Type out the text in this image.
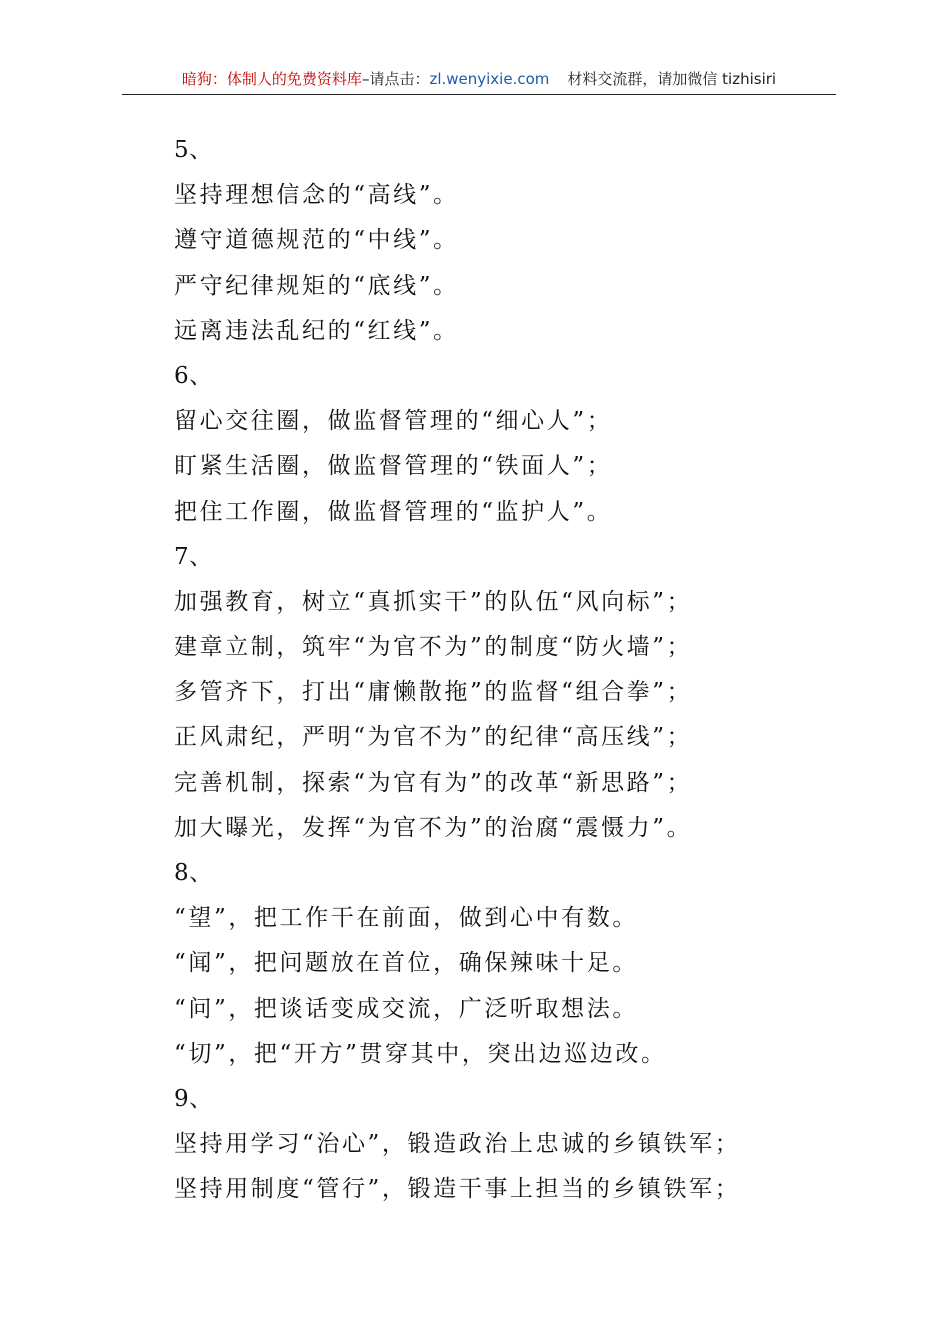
暗狗：体制人的免费资料库–请点击：zl.wenyixie.com 材料交流群，请加微信 tizhisiri
5、
坚持理想信念的“高线”。
遵守道德规范的“中线”。
严守纪律规矩的“底线”。
远离违法乱纪的“红线”。
6、
留心交往圈，做监督管理的“细心人”；
盯紧生活圈，做监督管理的“铁面人”；
把住工作圈，做监督管理的“监护人”。
7、
加强教育，树立“真抓实干”的队伍“风向标”；
建章立制，筑牢“为官不为”的制度“防火墙”；
多管齐下，打出“庸懒散拖”的监督“组合拳”；
正风肃纪，严明“为官不为”的纪律“高压线”；
完善机制，探索“为官有为”的改革“新思路”；
加大曝光，发挥“为官不为”的治腐“震慑力”。
8、
“望”，把工作干在前面，做到心中有数。
“闻”，把问题放在首位，确保辣味十足。
“问”，把谈话变成交流，广泛听取想法。
“切”，把“开方”贯穿其中，突出边巡边改。
9、
坚持用学习“治心”，锻造政治上忠诚的乡镇铁军；
坚持用制度“管行”，锻造干事上担当的乡镇铁军；
